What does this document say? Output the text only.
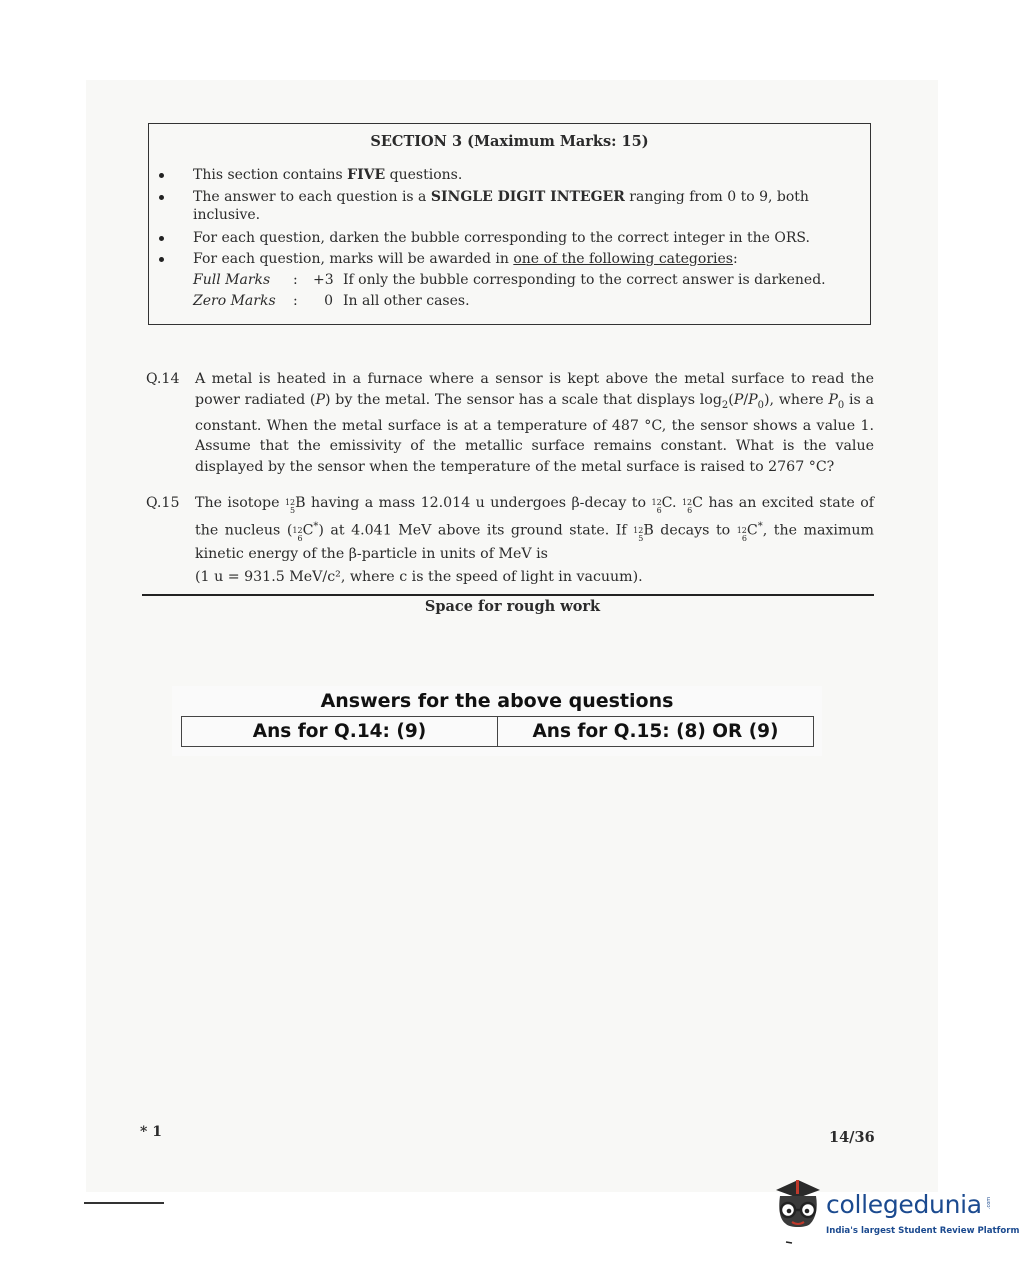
SECTION 3 (Maximum Marks: 15)
This section contains FIVE questions.
The answer to each question is a SINGLE DIGIT INTEGER ranging from 0 to 9, both inclusive.
For each question, darken the bubble corresponding to the correct integer in the ORS.
For each question, marks will be awarded in one of the following categories:
Full Marks	: +3 If only the bubble corresponding to the correct answer is darkened.
Zero Marks	:	0 In all other cases.
Q.14 A metal is heated in a furnace where a sensor is kept above the metal surface to read the power radiated (P) by the metal. The sensor has a scale that displays $\log_2(P/P_0)$, where $P_0$ is a constant. When the metal surface is at a temperature of 487 °C, the sensor shows a value 1. Assume that the emissivity of the metallic surface remains constant. What is the value displayed by the sensor when the temperature of the metal surface is raised to 2767 °C?
Q.15 The isotope 12
5 B having a mass 12.014 u undergoes β-decay to 12
6 C. 12
6 C has an excited state of the nucleus ( 12
6 C*) at 4.041 MeV above its ground state. If 12
5 B decays to 12
6 C*, the maximum kinetic energy of the β-particle in units of MeV is
(1 u = 931.5 MeV/c², where c is the speed of light in vacuum).
Space for rough work
Answers for the above questions
Ans for Q.14: (9)	Ans for Q.15: (8) OR (9)
* 1	14/36
collegedunia .com
India's largest Student Review Platform
